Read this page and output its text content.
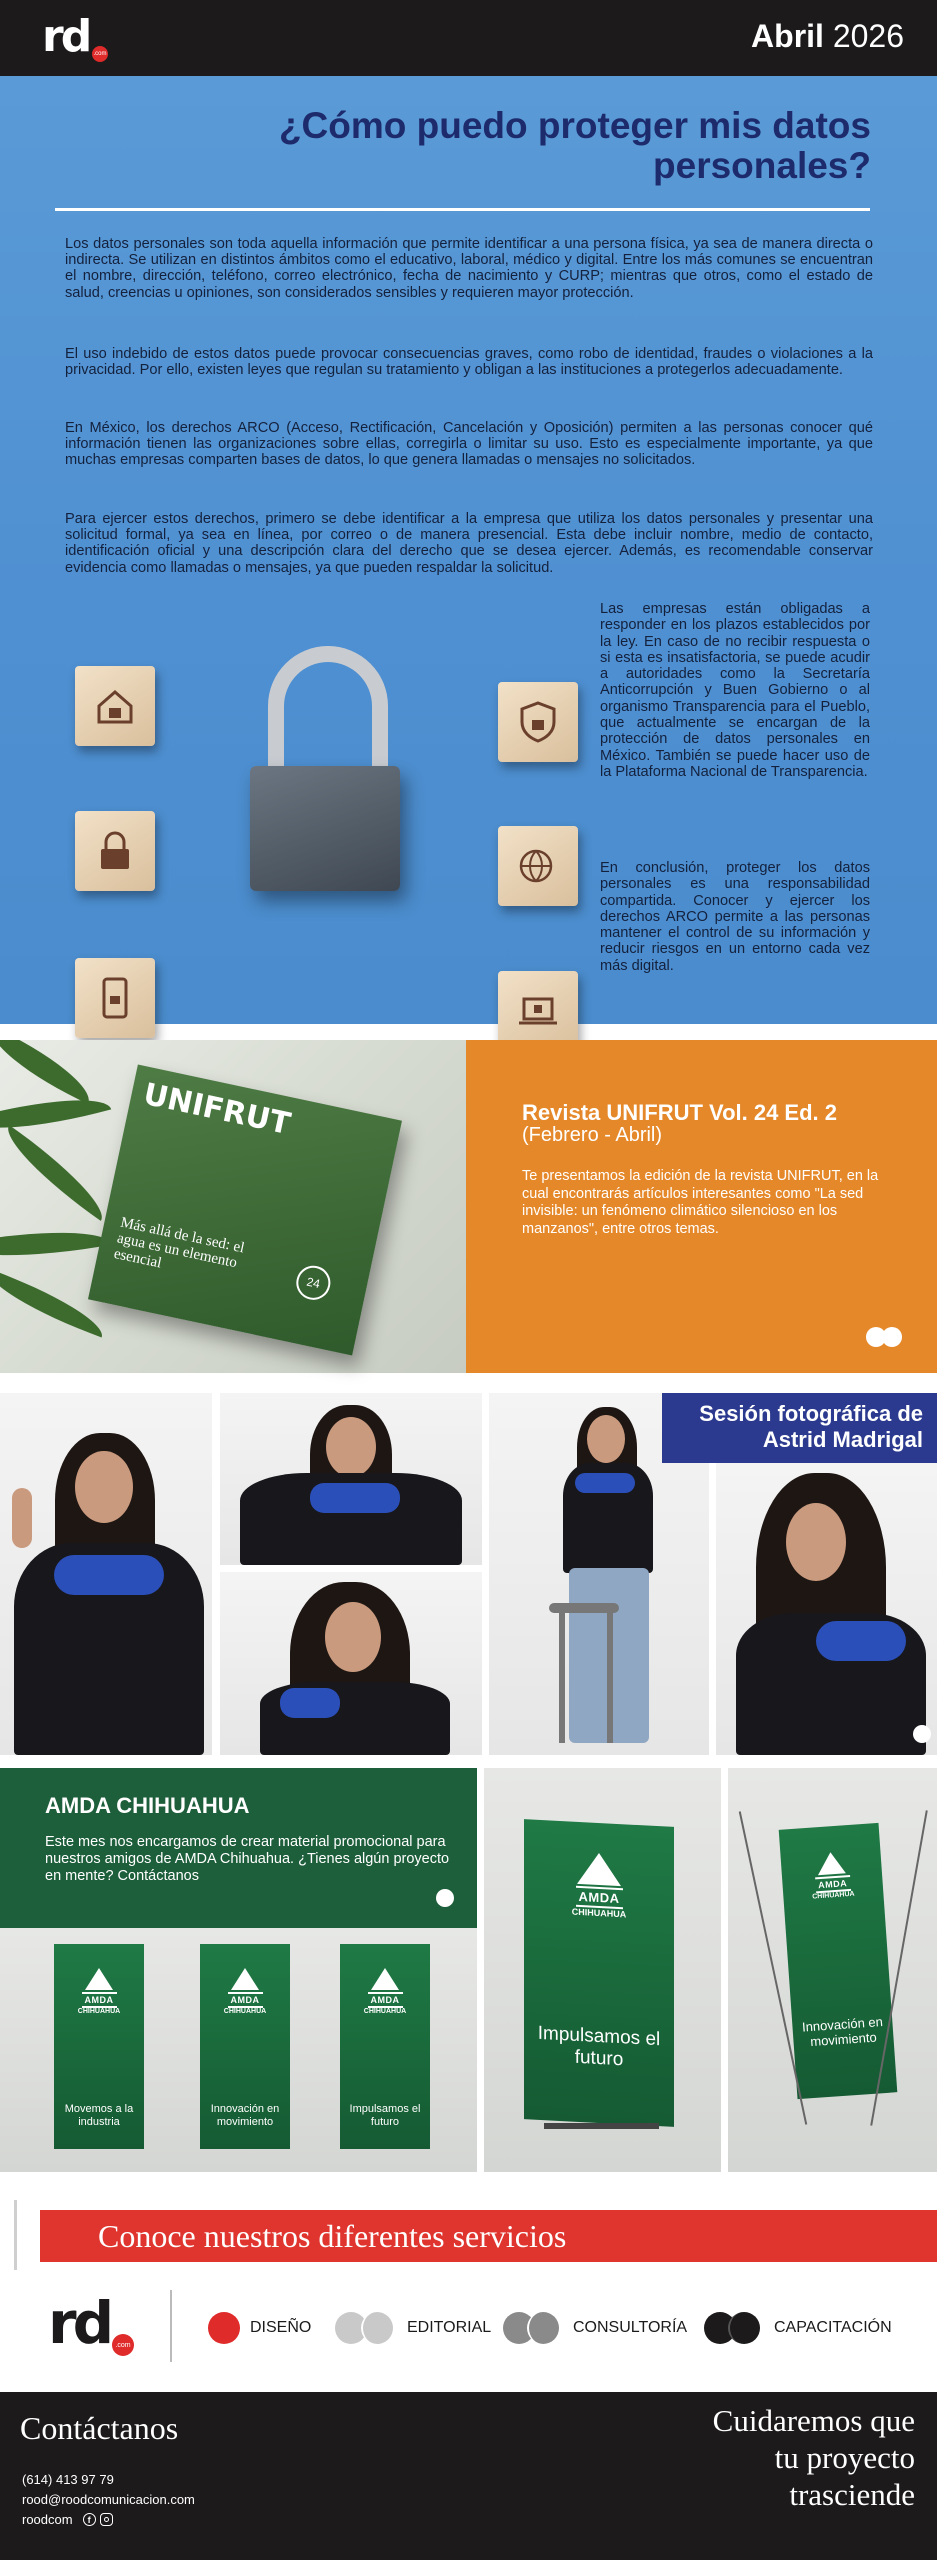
rd .com	Abril 2026
¿Cómo puedo proteger mis datos personales?

Los datos personales son toda aquella información que permite identificar a una persona física, ya sea de manera directa o indirecta. Se utilizan en distintos ámbitos como el educativo, laboral, médico y digital. Entre los más comunes se encuentran el nombre, dirección, teléfono, correo electrónico, fecha de nacimiento y CURP; mientras que otros, como el estado de salud, creencias u opiniones, son considerados sensibles y requieren mayor protección.

El uso indebido de estos datos puede provocar consecuencias graves, como robo de identidad, fraudes o violaciones a la privacidad. Por ello, existen leyes que regulan su tratamiento y obligan a las instituciones a protegerlos adecuadamente.

En México, los derechos ARCO (Acceso, Rectificación, Cancelación y Oposición) permiten a las personas conocer qué información tienen las organizaciones sobre ellas, corregirla o limitar su uso. Esto es especialmente importante, ya que muchas empresas comparten bases de datos, lo que genera llamadas o mensajes no solicitados.

Para ejercer estos derechos, primero se debe identificar a la empresa que utiliza los datos personales y presentar una solicitud formal, ya sea en línea, por correo o de manera presencial. Esta debe incluir nombre, medio de contacto, identificación oficial y una descripción clara del derecho que se desea ejercer. Además, es recomendable conservar evidencia como llamadas o mensajes, ya que pueden respaldar la solicitud.

Las empresas están obligadas a responder en los plazos establecidos por la ley. En caso de no recibir respuesta o si esta es insatisfactoria, se puede acudir a autoridades como la Secretaría Anticorrupción y Buen Gobierno o al organismo Transparencia para el Pueblo, que actualmente se encargan de la protección de datos personales en México. También se puede hacer uso de la Plataforma Nacional de Transparencia.

En conclusión, proteger los datos personales es una responsabilidad compartida. Conocer y ejercer los derechos ARCO permite a las personas mantener el control de su información y reducir riesgos en un entorno cada vez más digital.

UNIFRUT
Más allá de la sed: el agua es un elemento esencial
24
Revista UNIFRUT Vol. 24 Ed. 2
(Febrero - Abril)

Te presentamos la edición de la revista UNIFRUT, en la cual encontrarás artículos interesantes como "La sed invisible: un fenómeno climático silencioso en los manzanos", entre otros temas.

Sesión fotográfica de
Astrid Madrigal
AMDA
CHIHUAHUA
Movemos a la industria
AMDA
CHIHUAHUA
Innovación en movimiento
AMDA
CHIHUAHUA
Impulsamos el futuro
AMDA CHIHUAHUA

Este mes nos encargamos de crear material promocional para nuestros amigos de AMDA Chihuahua. ¿Tienes algún proyecto en mente? Contáctanos

AMDA
CHIHUAHUA
Impulsamos el futuro
AMDA
CHIHUAHUA
Innovación en movimiento
Conoce nuestros diferentes servicios
rd .com
DISEÑO	EDITORIAL	CONSULTORÍA	CAPACITACIÓN
Contáctanos
(614) 413 97 79
rood@roodcomunicacion.com
roodcom	f
Cuidaremos que
tu proyecto
trasciende
